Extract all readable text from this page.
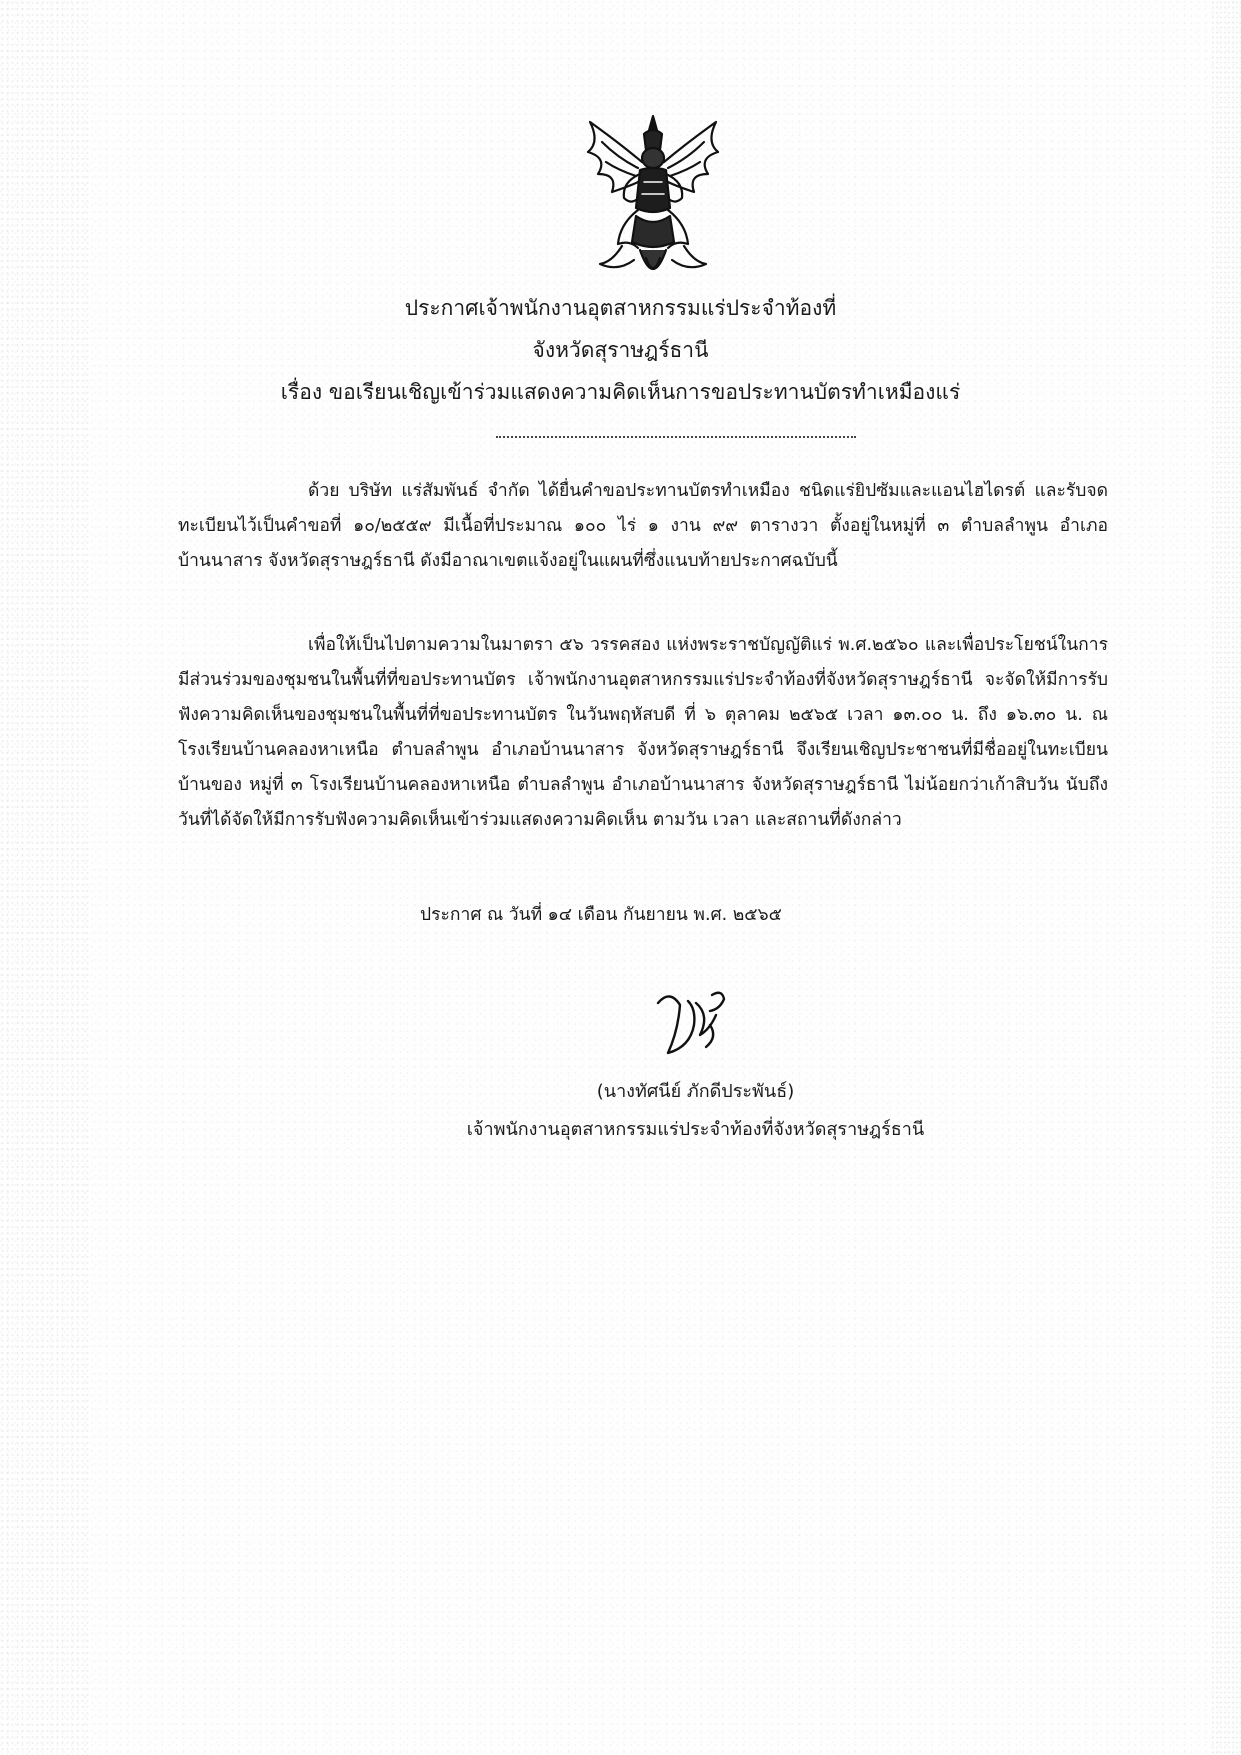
ประกาศเจ้าพนักงานอุตสาหกรรมแร่ประจำท้องที่
จังหวัดสุราษฎร์ธานี
เรื่อง ขอเรียนเชิญเข้าร่วมแสดงความคิดเห็นการขอประทานบัตรทำเหมืองแร่
ด้วย บริษัท แร่สัมพันธ์ จำกัด ได้ยื่นคำขอประทานบัตรทำเหมือง ชนิดแร่ยิปซัมและแอนไฮไดรต์ และรับจดทะเบียนไว้เป็นคำขอที่ ๑๐/๒๕๕๙ มีเนื้อที่ประมาณ ๑๐๐ ไร่ ๑ งาน ๙๙ ตารางวา ตั้งอยู่ในหมู่ที่ ๓ ตำบลลำพูน อำเภอบ้านนาสาร จังหวัดสุราษฎร์ธานี ดังมีอาณาเขตแจ้งอยู่ในแผนที่ซึ่งแนบท้ายประกาศฉบับนี้
เพื่อให้เป็นไปตามความในมาตรา ๕๖ วรรคสอง แห่งพระราชบัญญัติแร่ พ.ศ.๒๕๖๐ และเพื่อประโยชน์ในการมีส่วนร่วมของชุมชนในพื้นที่ที่ขอประทานบัตร เจ้าพนักงานอุตสาหกรรมแร่ประจำท้องที่จังหวัดสุราษฎร์ธานี จะจัดให้มีการรับฟังความคิดเห็นของชุมชนในพื้นที่ที่ขอประทานบัตร ในวันพฤหัสบดี ที่ ๖ ตุลาคม ๒๕๖๕ เวลา ๑๓.๐๐ น. ถึง ๑๖.๓๐ น. ณ โรงเรียนบ้านคลองหาเหนือ ตำบลลำพูน อำเภอบ้านนาสาร จังหวัดสุราษฎร์ธานี จึงเรียนเชิญประชาชนที่มีชื่ออยู่ในทะเบียนบ้านของ หมู่ที่ ๓ โรงเรียนบ้านคลองหาเหนือ ตำบลลำพูน อำเภอบ้านนาสาร จังหวัดสุราษฎร์ธานี ไม่น้อยกว่าเก้าสิบวัน นับถึงวันที่ได้จัดให้มีการรับฟังความคิดเห็นเข้าร่วมแสดงความคิดเห็น ตามวัน เวลา และสถานที่ดังกล่าว
ประกาศ ณ วันที่ ๑๔ เดือน กันยายน พ.ศ. ๒๕๖๕
(นางทัศนีย์ ภักดีประพันธ์)
เจ้าพนักงานอุตสาหกรรมแร่ประจำท้องที่จังหวัดสุราษฎร์ธานี
